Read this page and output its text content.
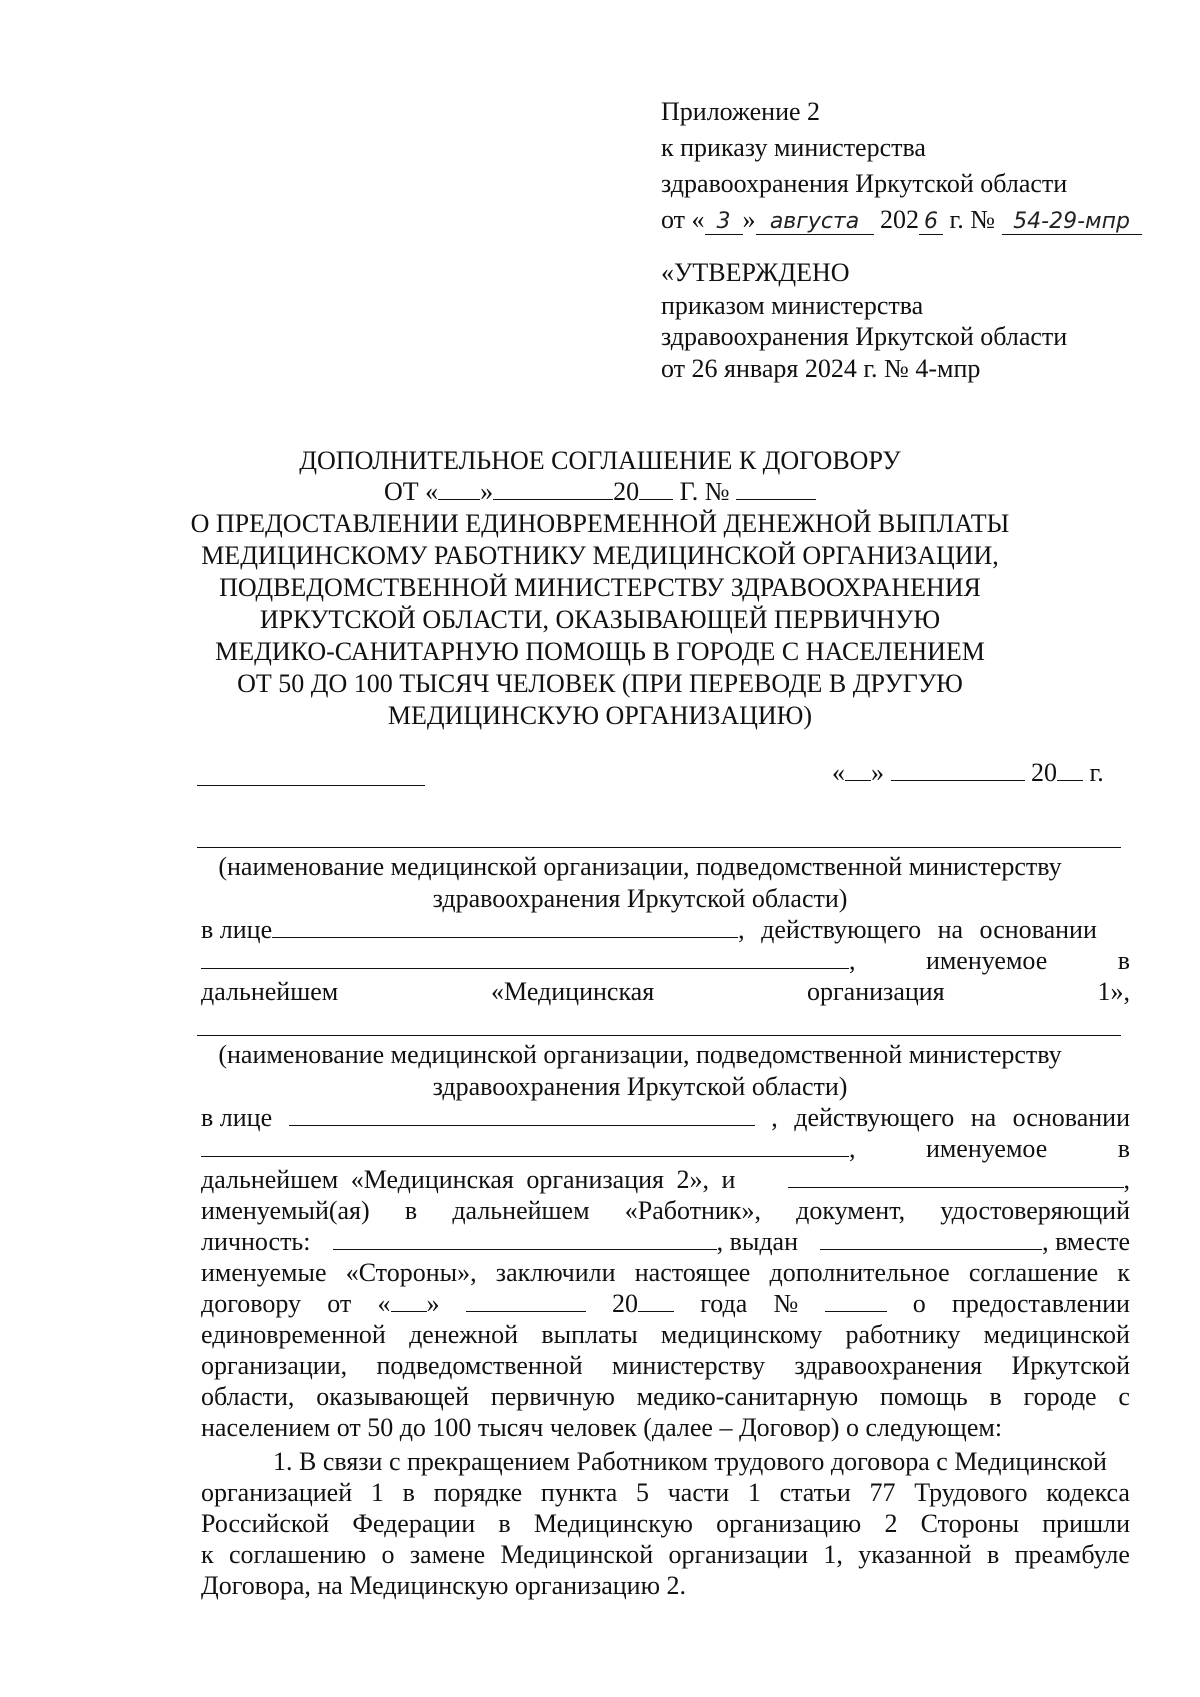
Приложение 2
к приказу министерства
здравоохранения Иркутской области
от « 3 » августа 202 6 г. № 54-29-мпр
«УТВЕРЖДЕНО
приказом министерства
здравоохранения Иркутской области
от 26 января 2024 г. № 4-мпр
ДОПОЛНИТЕЛЬНОЕ СОГЛАШЕНИЕ К ДОГОВОРУ
ОТ « »	20 Г. №
О ПРЕДОСТАВЛЕНИИ ЕДИНОВРЕМЕННОЙ ДЕНЕЖНОЙ ВЫПЛАТЫ
МЕДИЦИНСКОМУ РАБОТНИКУ МЕДИЦИНСКОЙ ОРГАНИЗАЦИИ,
ПОДВЕДОМСТВЕННОЙ МИНИСТЕРСТВУ ЗДРАВООХРАНЕНИЯ
ИРКУТСКОЙ ОБЛАСТИ, ОКАЗЫВАЮЩЕЙ ПЕРВИЧНУЮ
МЕДИКО-САНИТАРНУЮ ПОМОЩЬ В ГОРОДЕ С НАСЕЛЕНИЕМ
ОТ 50 ДО 100 ТЫСЯЧ ЧЕЛОВЕК (ПРИ ПЕРЕВОДЕ В ДРУГУЮ
МЕДИЦИНСКУЮ ОРГАНИЗАЦИЮ)
« »	20 г.
(наименование медицинской организации, подведомственной министерству
здравоохранения Иркутской области)
в лице	, действующего на основании
,	именуемое	в
дальнейшем	«Медицинская	организация	1»,
(наименование медицинской организации, подведомственной министерству
здравоохранения Иркутской области)
в лице	, действующего на основании
,	именуемое	в
дальнейшем «Медицинская организация 2», и	,
именуемый(ая) в дальнейшем «Работник», документ, удостоверяющий
личность:	, выдан	, вместе
именуемые «Стороны», заключили настоящее дополнительное соглашение к
договору от « »	20	года №	о предоставлении
единовременной денежной выплаты медицинскому работнику медицинской
организации, подведомственной министерству здравоохранения Иркутской
области, оказывающей первичную медико-санитарную помощь в городе с
населением от 50 до 100 тысяч человек (далее – Договор) о следующем:
1. В связи с прекращением Работником трудового договора с Медицинской
организацией 1 в порядке пункта 5 части 1 статьи 77 Трудового кодекса
Российской Федерации в Медицинскую организацию 2 Стороны пришли
к соглашению о замене Медицинской организации 1, указанной в преамбуле
Договора, на Медицинскую организацию 2.
